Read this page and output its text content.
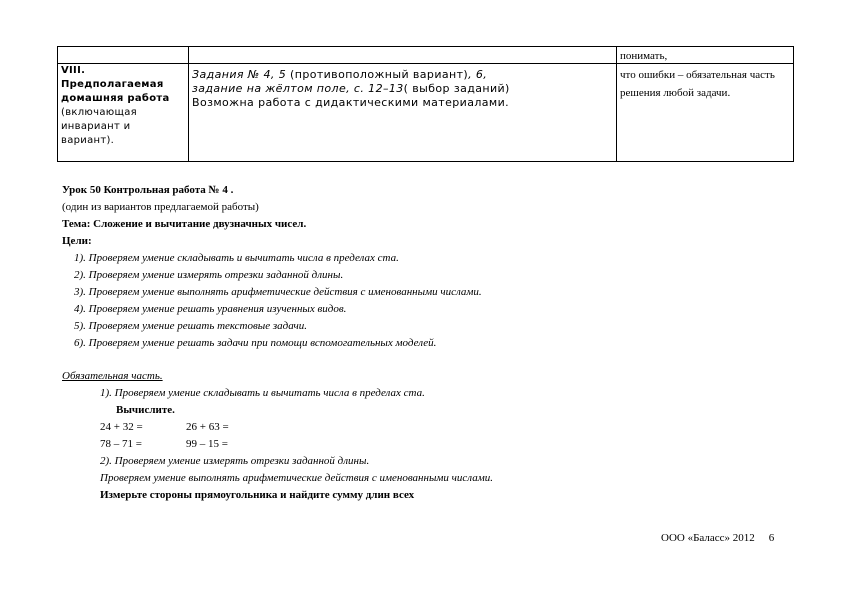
		понимать,

VIII. Предполагаемая домашняя работа
(включающая инвариант и вариант).	Задания № 4, 5 (противоположный вариант), 6,
задание на жёлтом поле, с. 12–13( выбор заданий)
Возможна работа с дидактическими материалами.	что ошибки – обязательная часть решения любой задачи.
Урок 50 Контрольная работа № 4 .
(один из вариантов предлагаемой работы)
Тема: Сложение и вычитание двузначных чисел.
Цели:
1). Проверяем умение складывать и вычитать числа в пределах ста.
2). Проверяем умение измерять отрезки заданной длины.
3). Проверяем умение выполнять арифметические действия с именованными числами.
4). Проверяем умение решать уравнения изученных видов.
5). Проверяем умение решать текстовые задачи.
6). Проверяем умение решать задачи при помощи вспомогательных моделей.
Обязательная часть.
1). Проверяем умение складывать и вычитать числа в пределах ста.
Вычислите.
24 + 32 =	26 + 63 =
78 – 71 =	99 – 15 =
2). Проверяем умение измерять отрезки заданной длины.
Проверяем умение выполнять арифметические действия с именованными числами.
Измерьте стороны прямоугольника и найдите сумму длин всех
ООО «Баласс» 2012 6
